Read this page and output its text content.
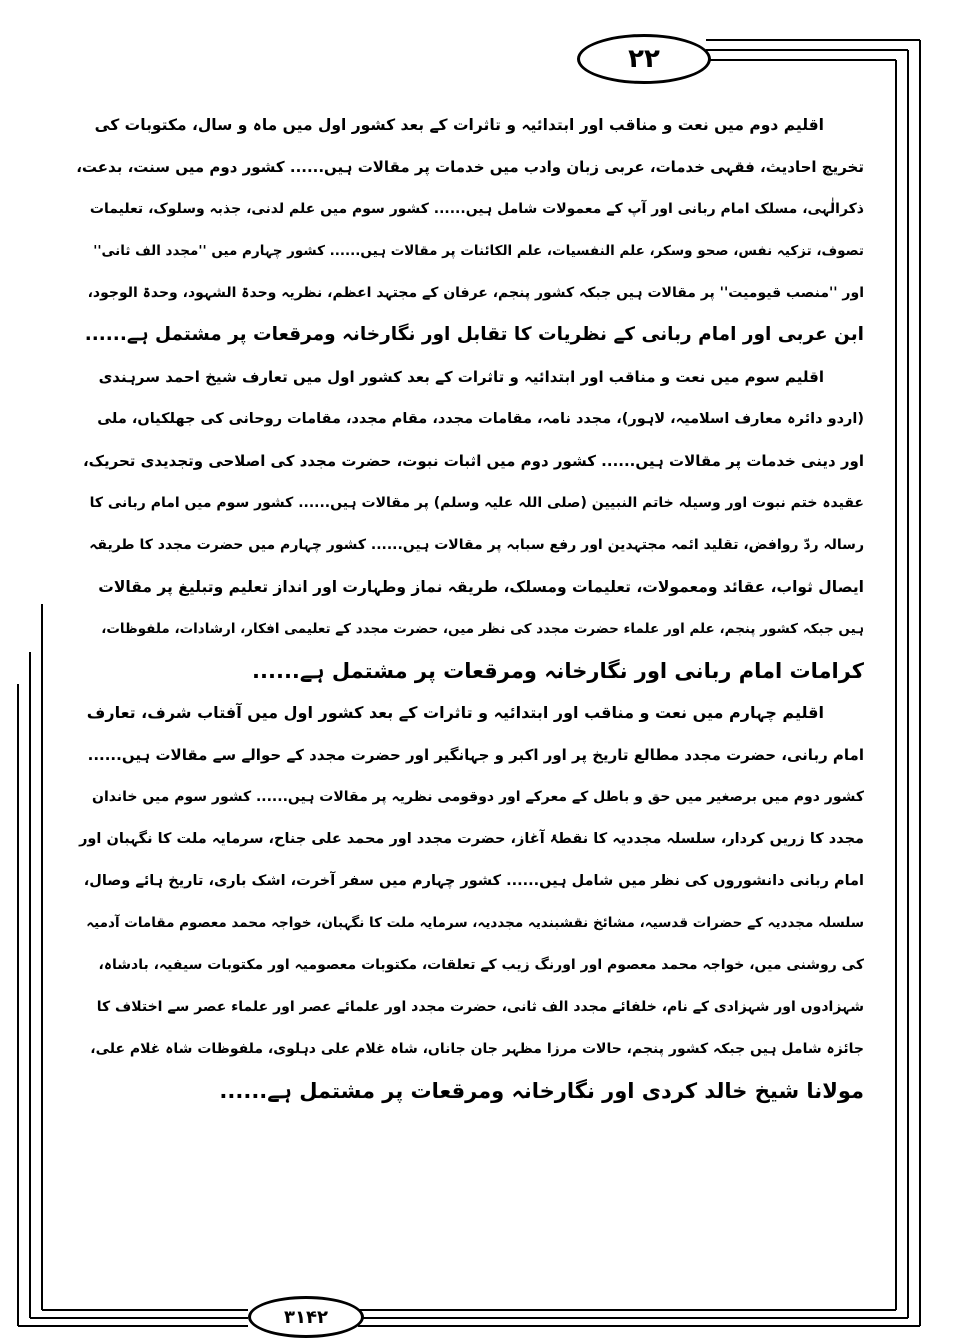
۲۲
اقلیم دوم میں نعت و مناقب اور ابتدائیہ و تاثرات کے بعد کشور اول میں ماہ و سال، مکتوبات کی
تخریج احادیث، فقہی خدمات، عربی زبان وادب میں خدمات پر مقالات ہیں...... کشور دوم میں سنت، بدعت،
ذکرالٰہی، مسلک امام ربانی اور آپ کے معمولات شامل ہیں...... کشور سوم میں علم لدنی، جذبہ وسلوک، تعلیمات
تصوف، تزکیہ نفس، صحو وسکر، علم النفسیات، علم الکائنات پر مقالات ہیں...... کشور چہارم میں ''مجدد الف ثانی''
اور ''منصب قیومیت'' پر مقالات ہیں جبکہ کشور پنجم، عرفان کے مجتہد اعظم، نظریہ وحدۃ الشہود، وحدۃ الوجود،
ابن عربی اور امام ربانی کے نظریات کا تقابل اور نگارخانہ ومرقعات پر مشتمل ہے......
اقلیم سوم میں نعت و مناقب اور ابتدائیہ و تاثرات کے بعد کشور اول میں تعارف شیخ احمد سرہندی
(اردو دائرہ معارف اسلامیہ، لاہور)، مجدد نامہ، مقامات مجدد، مقام مجدد، مقامات روحانی کی جھلکیاں، ملی
اور دینی خدمات پر مقالات ہیں...... کشور دوم میں اثبات نبوت، حضرت مجدد کی اصلاحی وتجدیدی تحریک،
عقیدہ ختم نبوت اور وسیلہ خاتم النبیین (صلی اللہ علیہ وسلم) پر مقالات ہیں...... کشور سوم میں امام ربانی کا
رسالہ ردّ روافض، تقلید ائمہ مجتہدین اور رفع سبابہ پر مقالات ہیں...... کشور چہارم میں حضرت مجدد کا طریقہ
ایصال ثواب، عقائد ومعمولات، تعلیمات ومسلک، طریقہ نماز وطہارت اور انداز تعلیم وتبلیغ پر مقالات
ہیں جبکہ کشور پنجم، علم اور علماء حضرت مجدد کی نظر میں، حضرت مجدد کے تعلیمی افکار، ارشادات، ملفوظات،
کرامات امام ربانی اور نگارخانہ ومرقعات پر مشتمل ہے......
اقلیم چہارم میں نعت و مناقب اور ابتدائیہ و تاثرات کے بعد کشور اول میں آفتاب شرف، تعارف
امام ربانی، حضرت مجدد مطالع تاریخ پر اور اکبر و جہانگیر اور حضرت مجدد کے حوالے سے مقالات ہیں......
کشور دوم میں برصغیر میں حق و باطل کے معرکے اور دوقومی نظریہ پر مقالات ہیں...... کشور سوم میں خاندان
مجدد کا زریں کردار، سلسلہ مجددیہ کا نقطۂ آغاز، حضرت مجدد اور محمد علی جناح، سرمایہ ملت کا نگہبان اور
امام ربانی دانشوروں کی نظر میں شامل ہیں...... کشور چہارم میں سفر آخرت، اشک باری، تاریخ ہائے وصال،
سلسلہ مجددیہ کے حضرات قدسیہ، مشائخ نقشبندیہ مجددیہ، سرمایہ ملت کا نگہبان، خواجہ محمد معصوم مقامات آدمیہ
کی روشنی میں، خواجہ محمد معصوم اور اورنگ زیب کے تعلقات، مکتوبات معصومیہ اور مکتوبات سیفیہ، بادشاہ،
شہزادوں اور شہزادی کے نام، خلفائے مجدد الف ثانی، حضرت مجدد اور علمائے عصر اور علماء عصر سے اختلاف کا
جائزہ شامل ہیں جبکہ کشور پنجم، حالات مرزا مظہر جان جاناں، شاہ غلام علی دہلوی، ملفوظات شاہ غلام علی،
مولانا شیخ خالد کردی اور نگارخانہ ومرقعات پر مشتمل ہے......
۳۱۴۲
